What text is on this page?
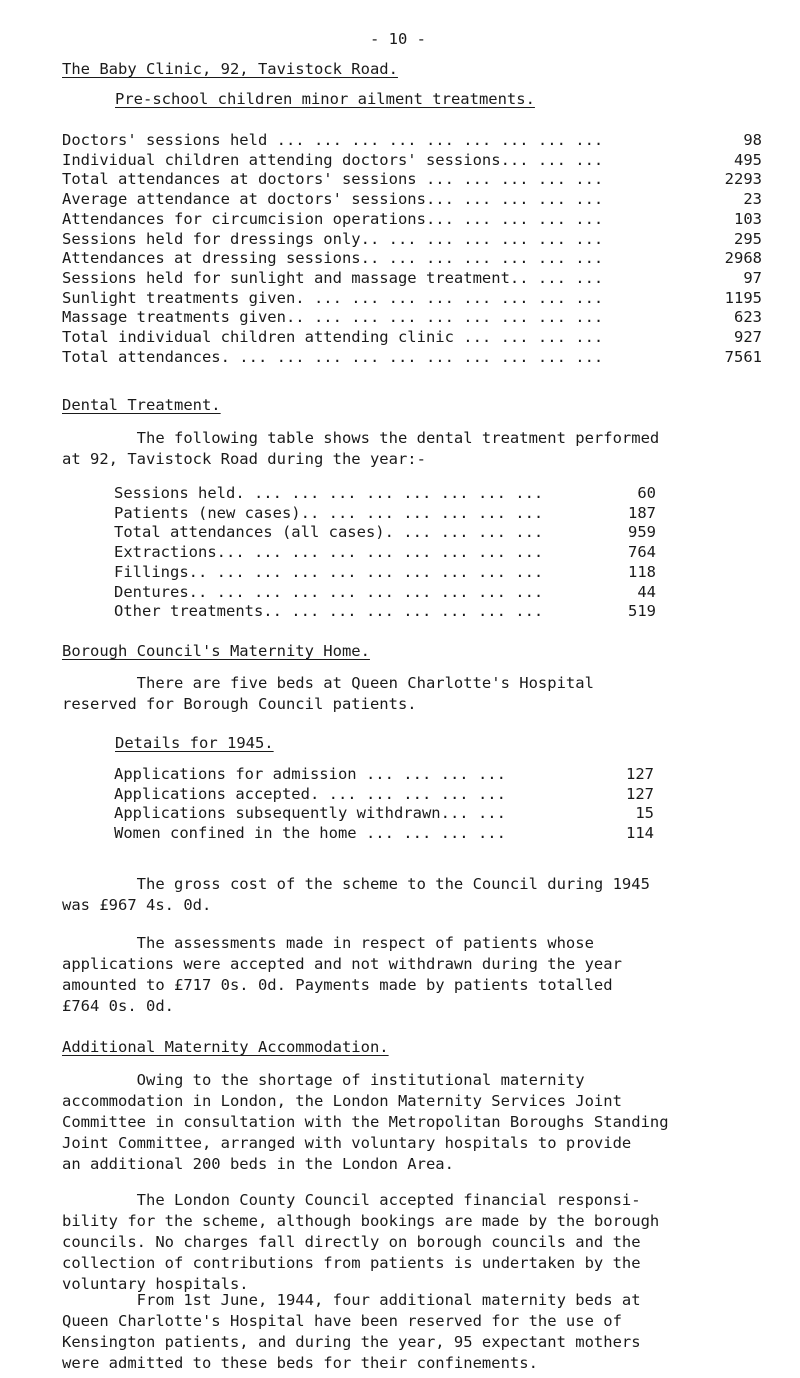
- 10 -
The Baby Clinic, 92, Tavistock Road.
Pre-school children minor ailment treatments.
Doctors' sessions held ... ... ... ... ... ... ... ... ...	98
Individual children attending doctors' sessions... ... ...	495
Total attendances at doctors' sessions ... ... ... ... ...	2293
Average attendance at doctors' sessions... ... ... ... ...	23
Attendances for circumcision operations... ... ... ... ...	103
Sessions held for dressings only.. ... ... ... ... ... ...	295
Attendances at dressing sessions.. ... ... ... ... ... ...	2968
Sessions held for sunlight and massage treatment.. ... ...	97
Sunlight treatments given. ... ... ... ... ... ... ... ...	1195
Massage treatments given.. ... ... ... ... ... ... ... ...	623
Total individual children attending clinic ... ... ... ...	927
Total attendances. ... ... ... ... ... ... ... ... ... ...	7561
Dental Treatment.
The following table shows the dental treatment performed
at 92, Tavistock Road during the year:-
Sessions held. ... ... ... ... ... ... ... ...	60
Patients (new cases).. ... ... ... ... ... ...	187
Total attendances (all cases). ... ... ... ...	959
Extractions... ... ... ... ... ... ... ... ...	764
Fillings.. ... ... ... ... ... ... ... ... ...	118
Dentures.. ... ... ... ... ... ... ... ... ...	44
Other treatments.. ... ... ... ... ... ... ...	519
Borough Council's Maternity Home.
There are five beds at Queen Charlotte's Hospital
reserved for Borough Council patients.
Details for 1945.
Applications for admission ... ... ... ...	127
Applications accepted. ... ... ... ... ...	127
Applications subsequently withdrawn... ...	15
Women confined in the home ... ... ... ...	114
The gross cost of the scheme to the Council during 1945
was £967 4s. 0d.
The assessments made in respect of patients whose
applications were accepted and not withdrawn during the year
amounted to £717 0s. 0d. Payments made by patients totalled
£764 0s. 0d.
Additional Maternity Accommodation.
Owing to the shortage of institutional maternity
accommodation in London, the London Maternity Services Joint
Committee in consultation with the Metropolitan Boroughs Standing
Joint Committee, arranged with voluntary hospitals to provide
an additional 200 beds in the London Area.
The London County Council accepted financial responsi-
bility for the scheme, although bookings are made by the borough
councils. No charges fall directly on borough councils and the
collection of contributions from patients is undertaken by the
voluntary hospitals.
From 1st June, 1944, four additional maternity beds at
Queen Charlotte's Hospital have been reserved for the use of
Kensington patients, and during the year, 95 expectant mothers
were admitted to these beds for their confinements.
